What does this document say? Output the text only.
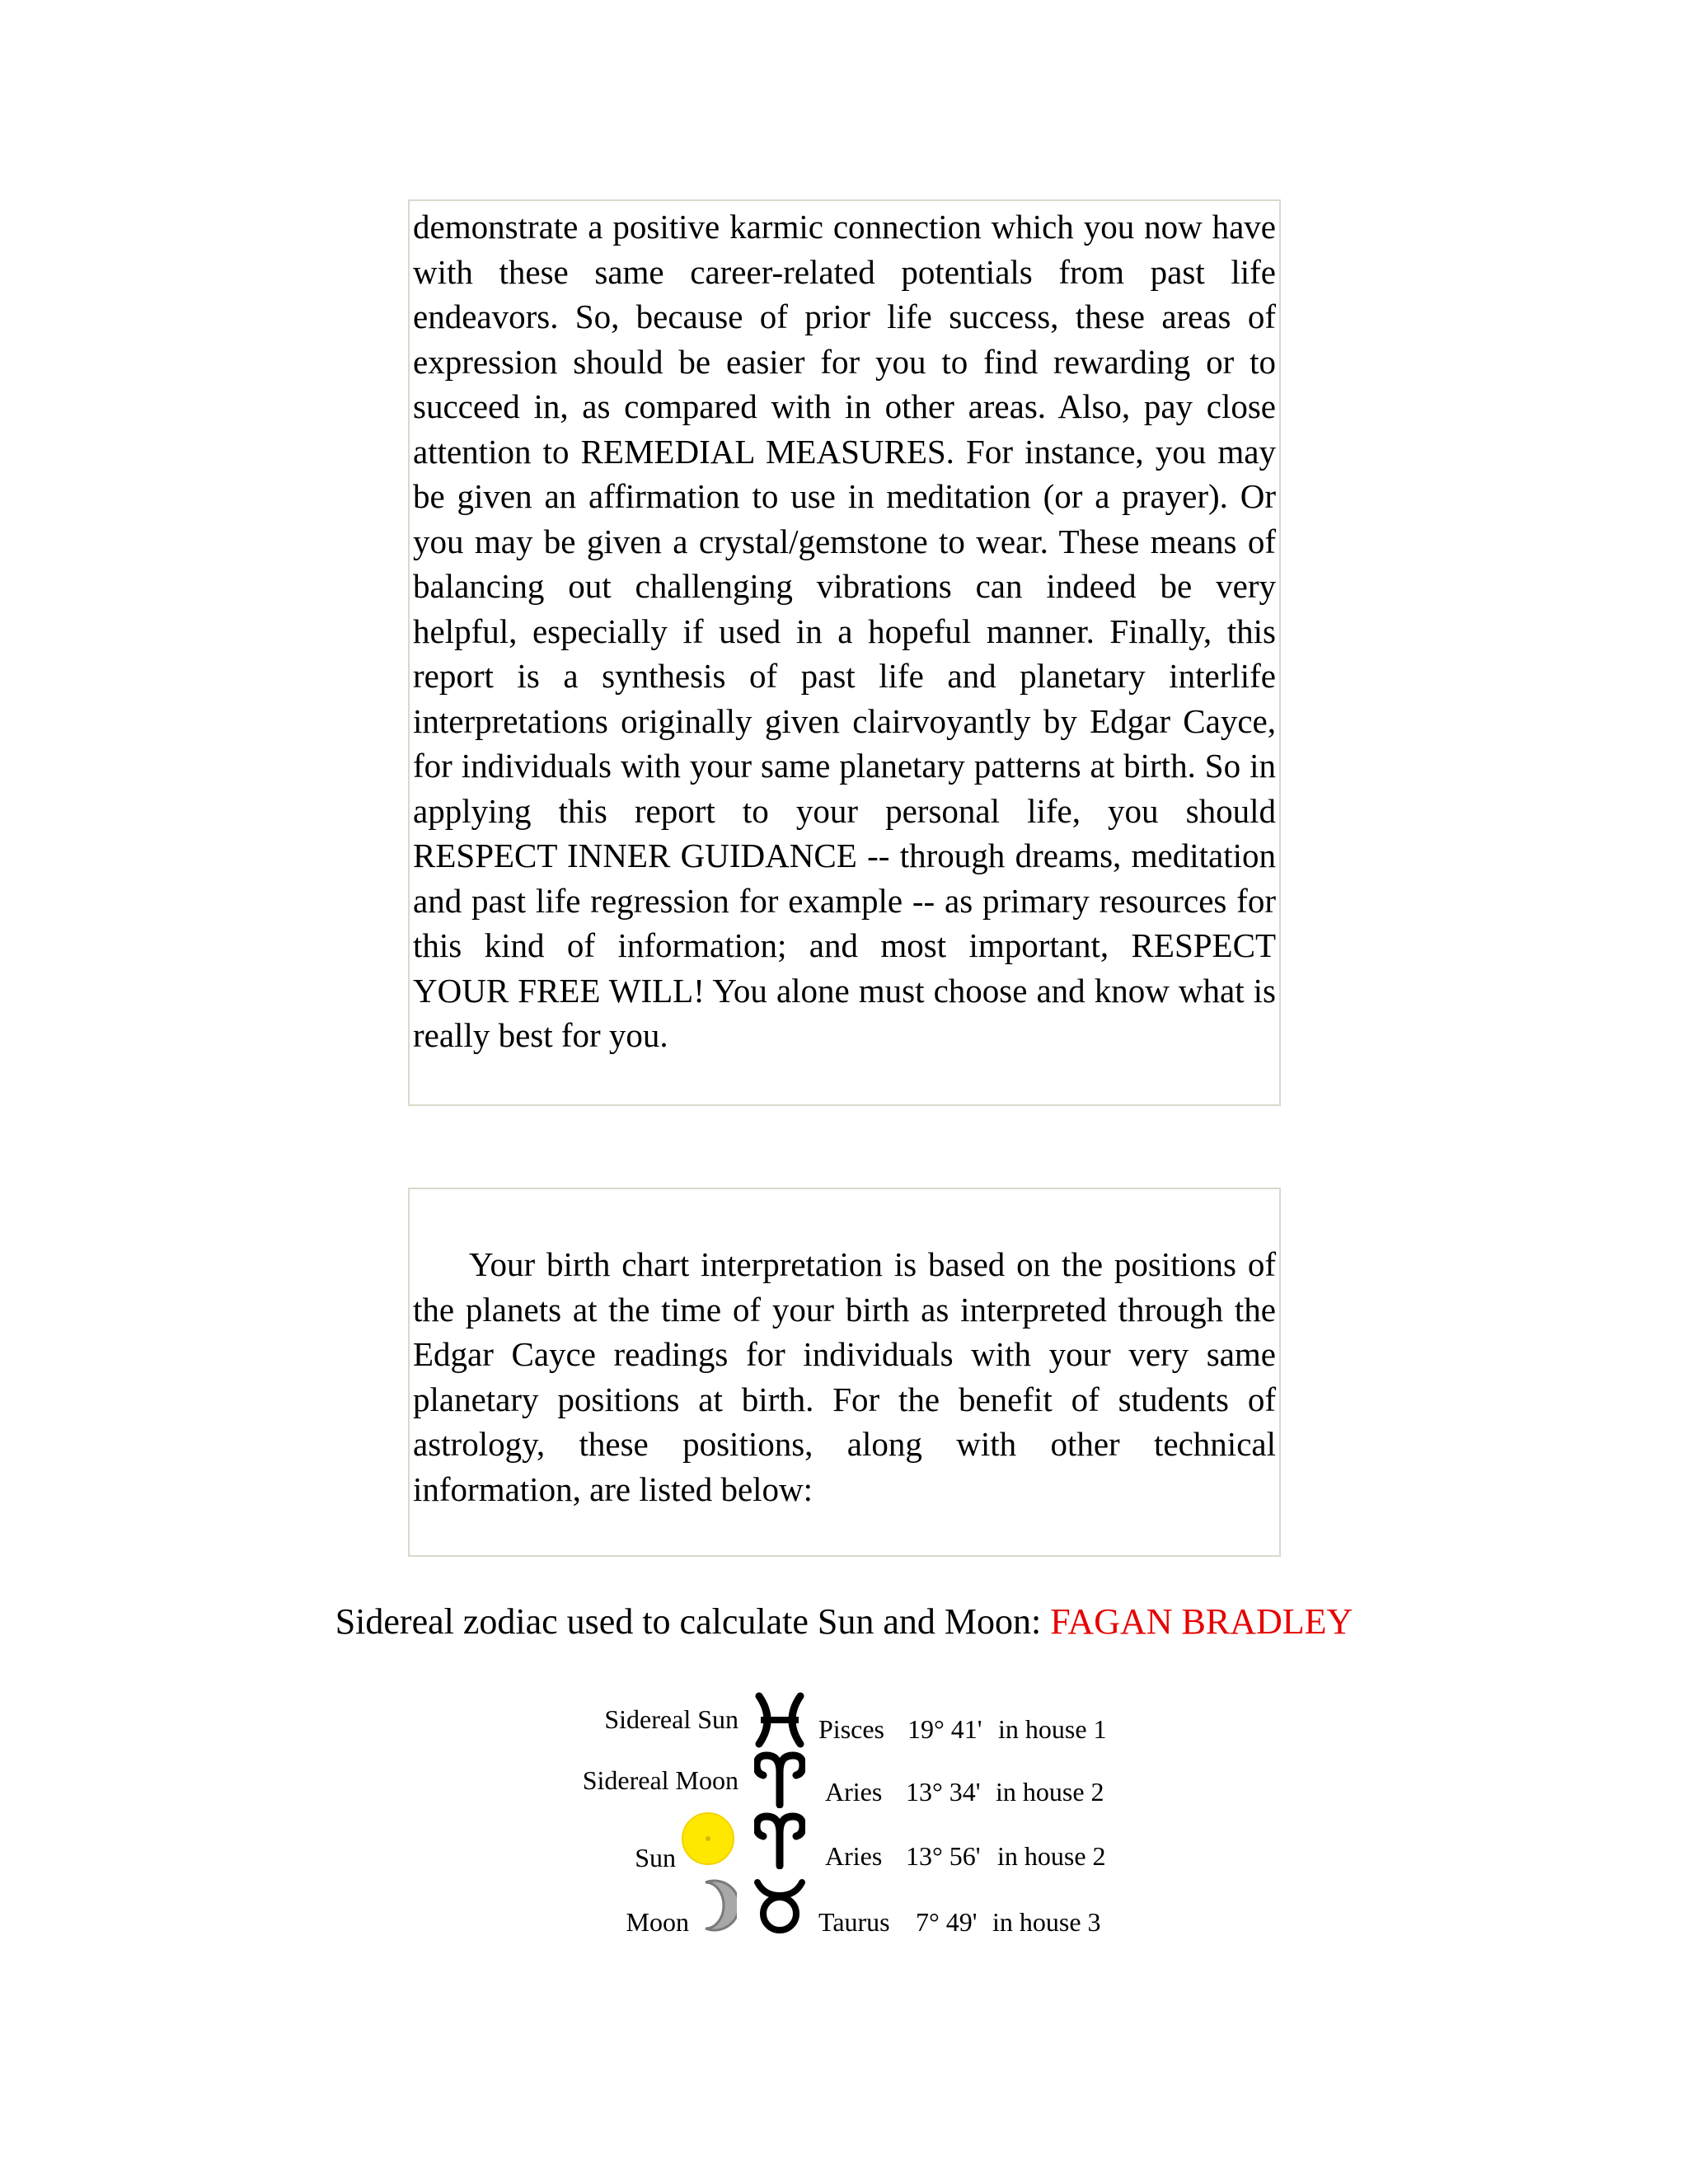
demonstrate a positive karmic connection which you now have with these same career-related potentials from past life endeavors. So, because of prior life success, these areas of expression should be easier for you to find rewarding or to succeed in, as compared with in other areas. Also, pay close attention to REMEDIAL MEASURES. For instance, you may be given an affirmation to use in meditation (or a prayer). Or you may be given a crystal/gemstone to wear. These means of balancing out challenging vibrations can indeed be very helpful, especially if used in a hopeful manner. Finally, this report is a synthesis of past life and planetary interlife interpretations originally given clairvoyantly by Edgar Cayce, for individuals with your same planetary patterns at birth. So in applying this report to your personal life, you should RESPECT INNER GUIDANCE -- through dreams, meditation and past life regression for example -- as primary resources for this kind of information; and most important, RESPECT YOUR FREE WILL! You alone must choose and know what is really best for you.

Your birth chart interpretation is based on the positions of the planets at the time of your birth as interpreted through the Edgar Cayce readings for individuals with your very same planetary positions at birth. For the benefit of students of astrology, these positions, along with other technical information, are listed below:

Sidereal zodiac used to calculate Sun and Moon: FAGAN BRADLEY
Sidereal Sun	Pisces 19° 41' in house 1
Sidereal Moon	Aries 13° 34' in house 2
Sun	Aries 13° 56' in house 2
Moon	Taurus 7° 49' in house 3
